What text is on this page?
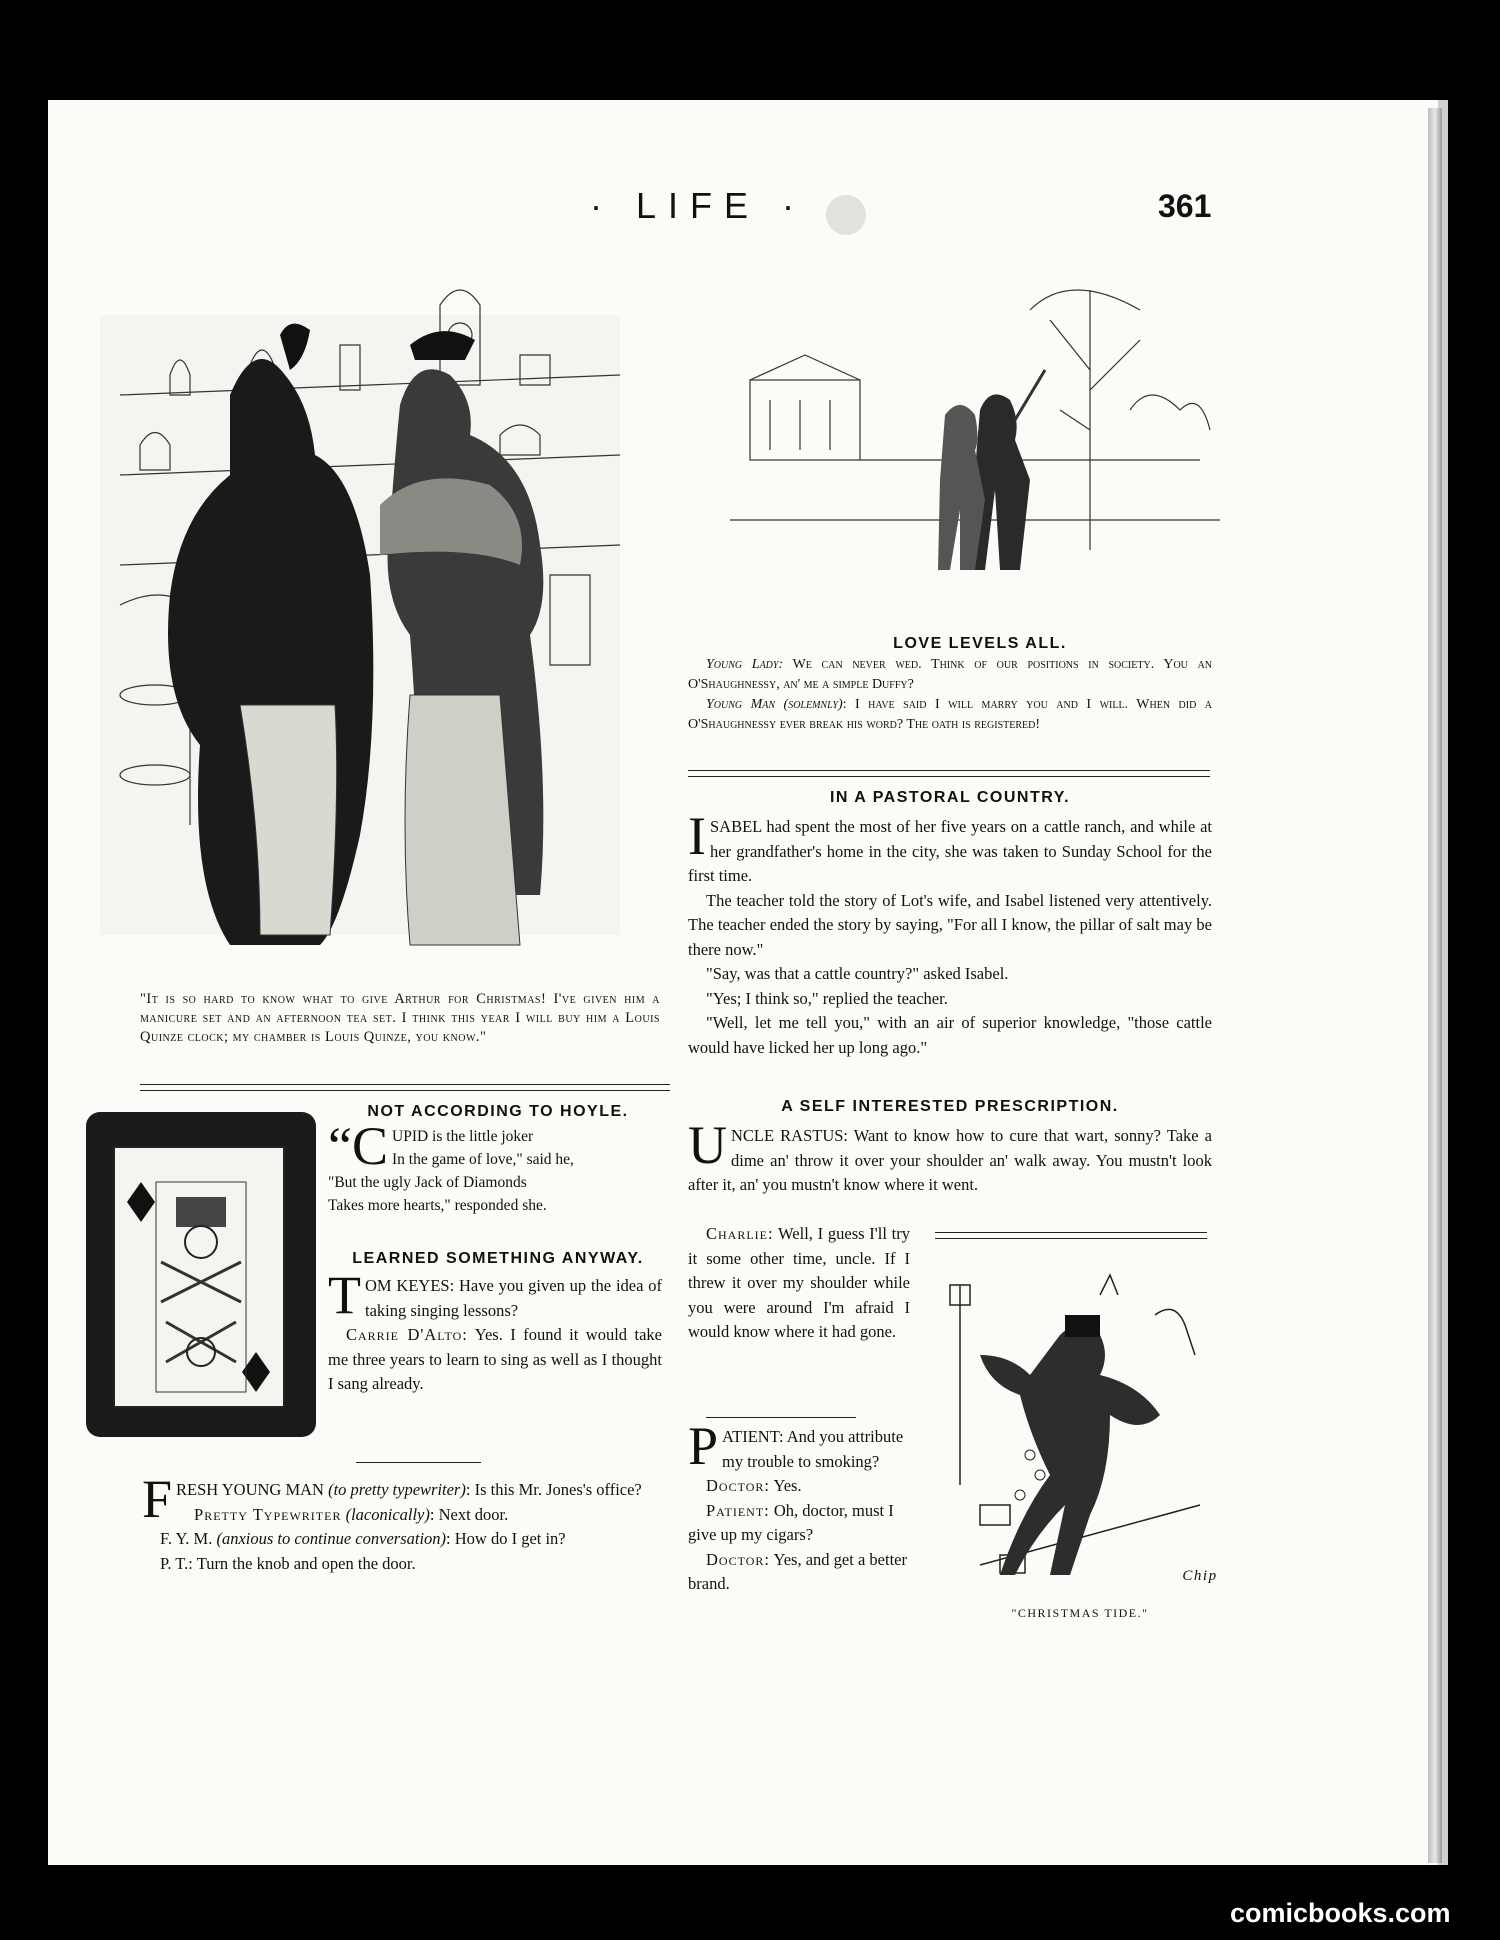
· LIFE ·	361
"It is so hard to know what to give Arthur for Christmas! I've given him a manicure set and an afternoon tea set. I think this year I will buy him a Louis Quinze clock; my chamber is Louis Quinze, you know."
LOVE LEVELS ALL.

Young Lady: We can never wed. Think of our positions in society. You an O'Shaughnessy, an' me a simple Duffy?

Young Man (solemnly): I have said I will marry you and I will. When did a O'Shaughnessy ever break his word? The oath is registered!

IN A PASTORAL COUNTRY.

ISABEL had spent the most of her five years on a cattle ranch, and while at her grandfather's home in the city, she was taken to Sunday School for the first time.

The teacher told the story of Lot's wife, and Isabel listened very attentively. The teacher ended the story by saying, "For all I know, the pillar of salt may be there now."

"Say, was that a cattle country?" asked Isabel.

"Yes; I think so," replied the teacher.

"Well, let me tell you," with an air of superior knowledge, "those cattle would have licked her up long ago."

NOT ACCORDING TO HOYLE.

“CUPID is the little joker

In the game of love," said he,

"But the ugly Jack of Diamonds

Takes more hearts," responded she.

LEARNED SOMETHING ANYWAY.

TOM KEYES: Have you given up the idea of taking singing lessons?

Carrie D'Alto: Yes. I found it would take me three years to learn to sing as well as I thought I sang already.

FRESH YOUNG MAN (to pretty typewriter): Is this Mr. Jones's office?

Pretty Typewriter (laconically): Next door.

F. Y. M. (anxious to continue conversation): How do I get in?

P. T.: Turn the knob and open the door.

A SELF INTERESTED PRESCRIPTION.

UNCLE RASTUS: Want to know how to cure that wart, sonny? Take a dime an' throw it over your shoulder an' walk away. You mustn't look after it, an' you mustn't know where it went.

Charlie: Well, I guess I'll try it some other time, uncle. If I threw it over my shoulder while you were around I'm afraid I would know where it had gone.

PATIENT: And you attribute my trouble to smoking?

Doctor: Yes.

Patient: Oh, doctor, must I give up my cigars?

Doctor: Yes, and get a better brand.	Chip
"CHRISTMAS TIDE."
comicbooks.com
